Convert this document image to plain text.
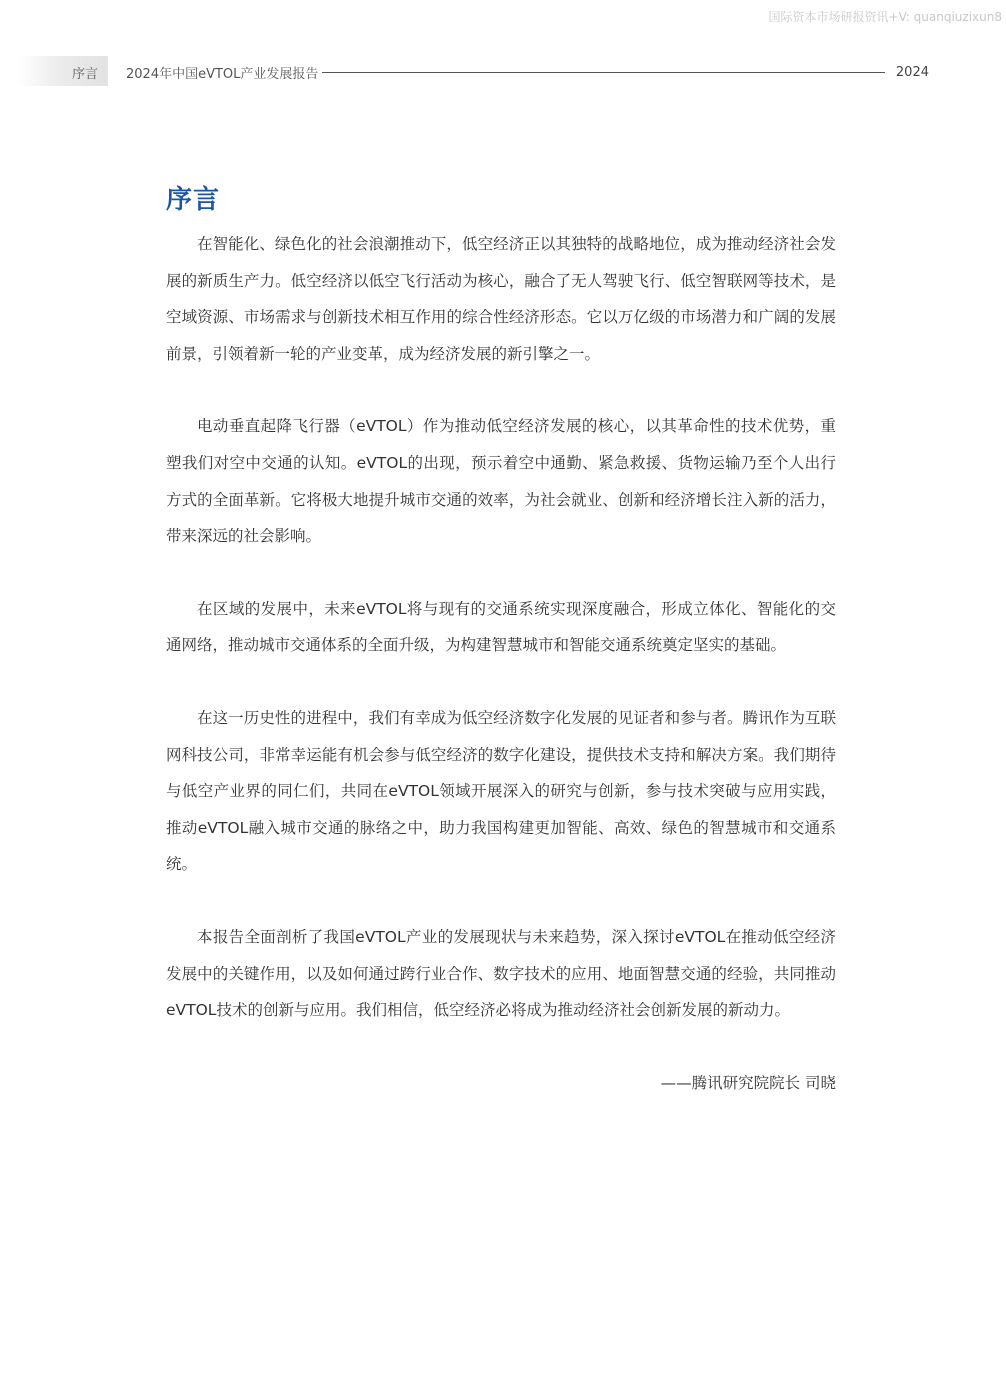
国际资本市场研报资讯+V: quanqiuzixun8
序言 2024年中国eVTOL产业发展报告	2024
序言

在智能化、绿色化的社会浪潮推动下，低空经济正以其独特的战略地位，成为推动经济社会发展的新质生产力。低空经济以低空飞行活动为核心，融合了无人驾驶飞行、低空智联网等技术，是空域资源、市场需求与创新技术相互作用的综合性经济形态。它以万亿级的市场潜力和广阔的发展前景，引领着新一轮的产业变革，成为经济发展的新引擎之一。

电动垂直起降飞行器（eVTOL）作为推动低空经济发展的核心，以其革命性的技术优势，重塑我们对空中交通的认知。eVTOL的出现，预示着空中通勤、紧急救援、货物运输乃至个人出行方式的全面革新。它将极大地提升城市交通的效率，为社会就业、创新和经济增长注入新的活力，带来深远的社会影响。

在区域的发展中，未来eVTOL将与现有的交通系统实现深度融合，形成立体化、智能化的交通网络，推动城市交通体系的全面升级，为构建智慧城市和智能交通系统奠定坚实的基础。

在这一历史性的进程中，我们有幸成为低空经济数字化发展的见证者和参与者。腾讯作为互联网科技公司，非常幸运能有机会参与低空经济的数字化建设，提供技术支持和解决方案。我们期待与低空产业界的同仁们，共同在eVTOL领域开展深入的研究与创新，参与技术突破与应用实践，推动eVTOL融入城市交通的脉络之中，助力我国构建更加智能、高效、绿色的智慧城市和交通系统。

本报告全面剖析了我国eVTOL产业的发展现状与未来趋势，深入探讨eVTOL在推动低空经济发展中的关键作用，以及如何通过跨行业合作、数字技术的应用、地面智慧交通的经验，共同推动eVTOL技术的创新与应用。我们相信，低空经济必将成为推动经济社会创新发展的新动力。

——腾讯研究院院长 司晓
